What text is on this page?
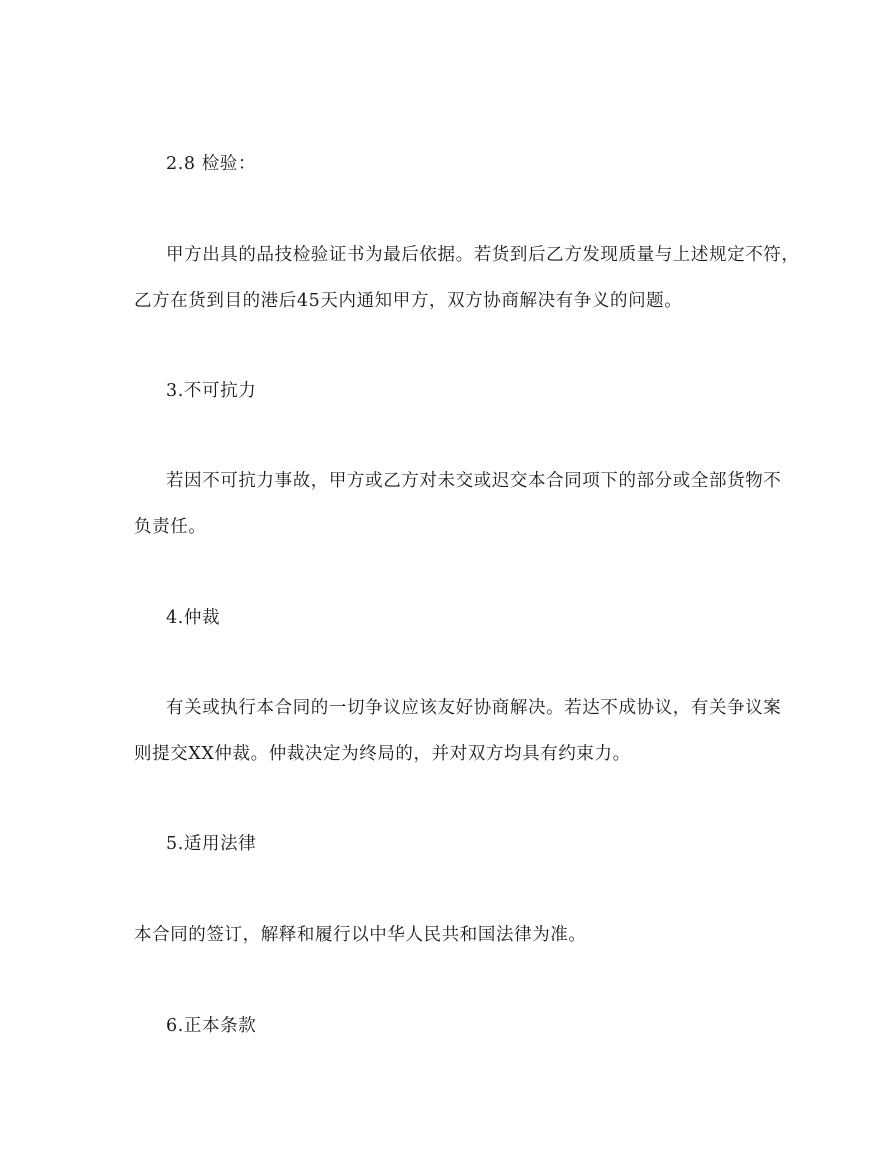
2.8 检验：
甲方出具的品技检验证书为最后依据。若货到后乙方发现质量与上述规定不符，
乙方在货到目的港后45天内通知甲方，双方协商解决有争义的问题。
3.不可抗力
若因不可抗力事故，甲方或乙方对未交或迟交本合同项下的部分或全部货物不
负责任。
4.仲裁
有关或执行本合同的一切争议应该友好协商解决。若达不成协议，有关争议案
则提交XX仲裁。仲裁决定为终局的，并对双方均具有约束力。
5.适用法律
本合同的签订，解释和履行以中华人民共和国法律为准。
6.正本条款
